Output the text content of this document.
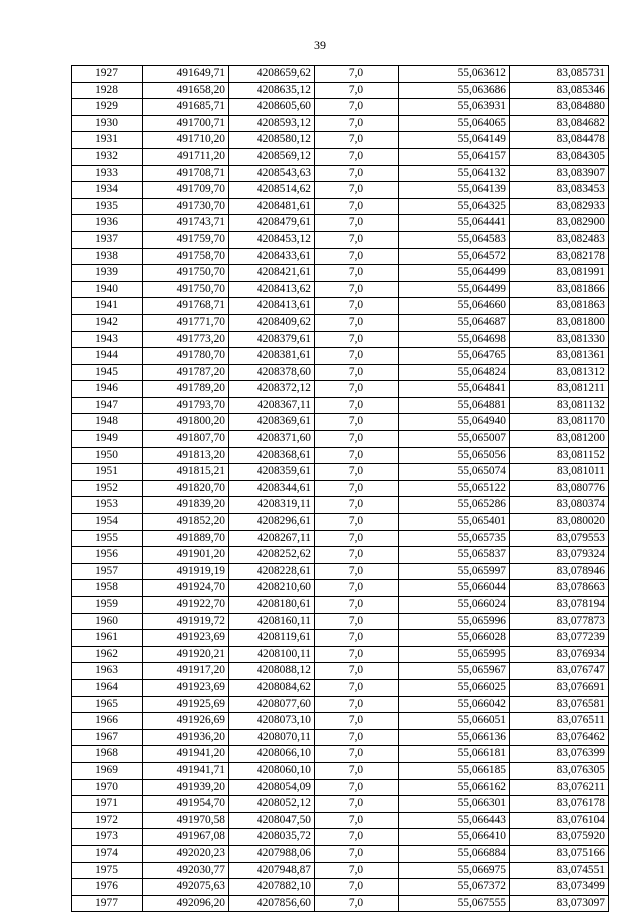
39
1927	491649,71	4208659,62	7,0	55,063612	83,085731
1928	491658,20	4208635,12	7,0	55,063686	83,085346
1929	491685,71	4208605,60	7,0	55,063931	83,084880
1930	491700,71	4208593,12	7,0	55,064065	83,084682
1931	491710,20	4208580,12	7,0	55,064149	83,084478
1932	491711,20	4208569,12	7,0	55,064157	83,084305
1933	491708,71	4208543,63	7,0	55,064132	83,083907
1934	491709,70	4208514,62	7,0	55,064139	83,083453
1935	491730,70	4208481,61	7,0	55,064325	83,082933
1936	491743,71	4208479,61	7,0	55,064441	83,082900
1937	491759,70	4208453,12	7,0	55,064583	83,082483
1938	491758,70	4208433,61	7,0	55,064572	83,082178
1939	491750,70	4208421,61	7,0	55,064499	83,081991
1940	491750,70	4208413,62	7,0	55,064499	83,081866
1941	491768,71	4208413,61	7,0	55,064660	83,081863
1942	491771,70	4208409,62	7,0	55,064687	83,081800
1943	491773,20	4208379,61	7,0	55,064698	83,081330
1944	491780,70	4208381,61	7,0	55,064765	83,081361
1945	491787,20	4208378,60	7,0	55,064824	83,081312
1946	491789,20	4208372,12	7,0	55,064841	83,081211
1947	491793,70	4208367,11	7,0	55,064881	83,081132
1948	491800,20	4208369,61	7,0	55,064940	83,081170
1949	491807,70	4208371,60	7,0	55,065007	83,081200
1950	491813,20	4208368,61	7,0	55,065056	83,081152
1951	491815,21	4208359,61	7,0	55,065074	83,081011
1952	491820,70	4208344,61	7,0	55,065122	83,080776
1953	491839,20	4208319,11	7,0	55,065286	83,080374
1954	491852,20	4208296,61	7,0	55,065401	83,080020
1955	491889,70	4208267,11	7,0	55,065735	83,079553
1956	491901,20	4208252,62	7,0	55,065837	83,079324
1957	491919,19	4208228,61	7,0	55,065997	83,078946
1958	491924,70	4208210,60	7,0	55,066044	83,078663
1959	491922,70	4208180,61	7,0	55,066024	83,078194
1960	491919,72	4208160,11	7,0	55,065996	83,077873
1961	491923,69	4208119,61	7,0	55,066028	83,077239
1962	491920,21	4208100,11	7,0	55,065995	83,076934
1963	491917,20	4208088,12	7,0	55,065967	83,076747
1964	491923,69	4208084,62	7,0	55,066025	83,076691
1965	491925,69	4208077,60	7,0	55,066042	83,076581
1966	491926,69	4208073,10	7,0	55,066051	83,076511
1967	491936,20	4208070,11	7,0	55,066136	83,076462
1968	491941,20	4208066,10	7,0	55,066181	83,076399
1969	491941,71	4208060,10	7,0	55,066185	83,076305
1970	491939,20	4208054,09	7,0	55,066162	83,076211
1971	491954,70	4208052,12	7,0	55,066301	83,076178
1972	491970,58	4208047,50	7,0	55,066443	83,076104
1973	491967,08	4208035,72	7,0	55,066410	83,075920
1974	492020,23	4207988,06	7,0	55,066884	83,075166
1975	492030,77	4207948,87	7,0	55,066975	83,074551
1976	492075,63	4207882,10	7,0	55,067372	83,073499
1977	492096,20	4207856,60	7,0	55,067555	83,073097
